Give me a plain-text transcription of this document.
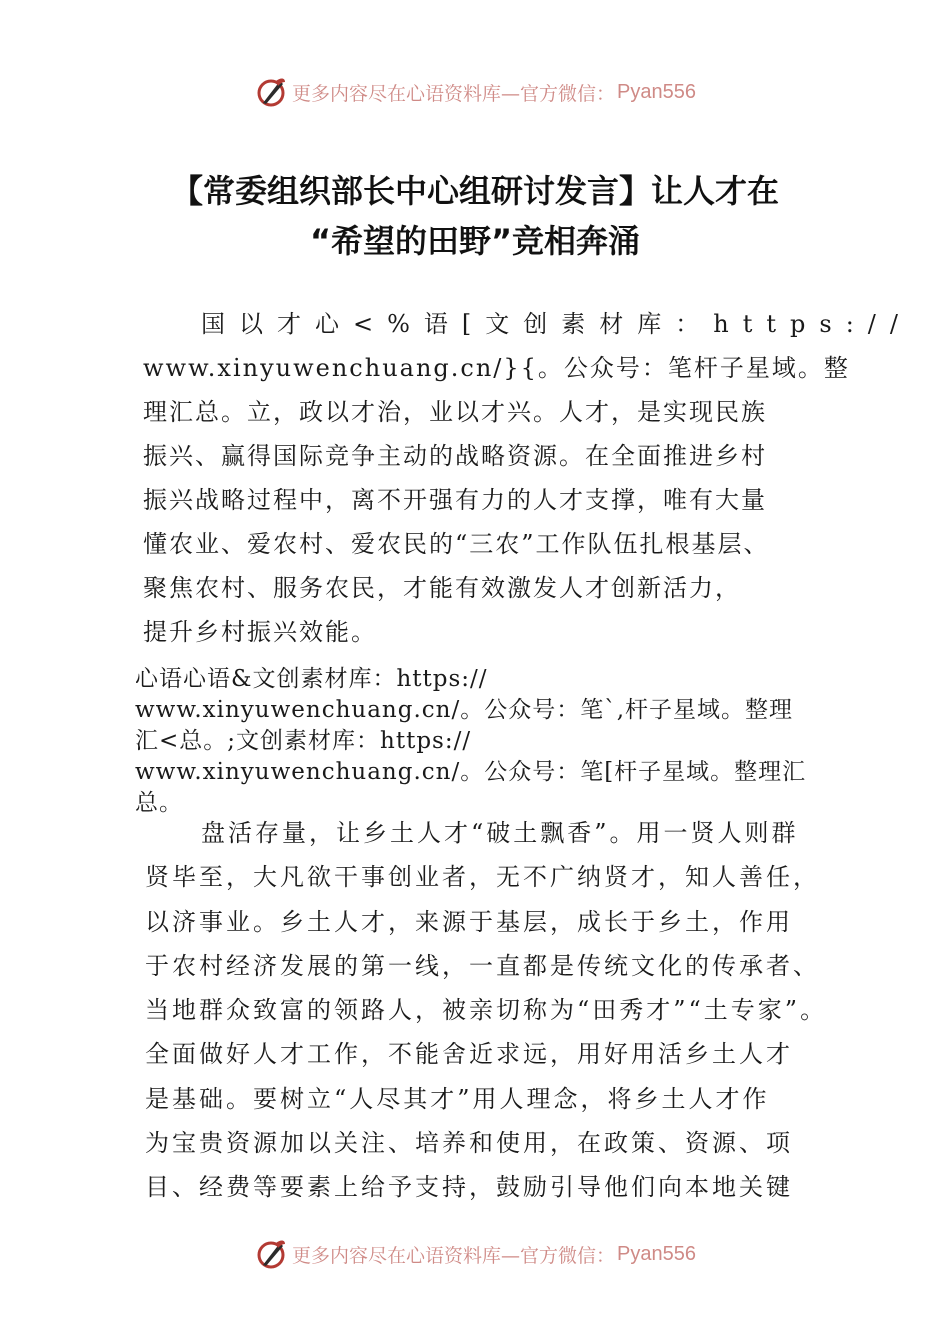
更多内容尽在心语资料库—官方微信： Pyan556
【常委组织部长中心组研讨发言】让人才在
“希望的田野”竞相奔涌
国以才心<%语[文创素材库：https://
www.xinyuwenchuang.cn/}{。公众号：笔杆子星域。整
理汇总。立，政以才治，业以才兴。人才，是实现民族
振兴、赢得国际竞争主动的战略资源。在全面推进乡村
振兴战略过程中，离不开强有力的人才支撑，唯有大量
懂农业、爱农村、爱农民的“三农”工作队伍扎根基层、
聚焦农村、服务农民，才能有效激发人才创新活力，
提升乡村振兴效能。
心语心语&文创素材库：https://
www.xinyuwenchuang.cn/。公众号：笔`,杆子星域。整理
汇<总。;文创素材库：https://
www.xinyuwenchuang.cn/。公众号：笔[杆子星域。整理汇
总。
盘活存量，让乡土人才“破土飘香”。用一贤人则群
贤毕至，大凡欲干事创业者，无不广纳贤才，知人善任，
以济事业。乡土人才，来源于基层，成长于乡土，作用
于农村经济发展的第一线，一直都是传统文化的传承者、
当地群众致富的领路人，被亲切称为“田秀才”“土专家”。
全面做好人才工作，不能舍近求远，用好用活乡土人才
是基础。要树立“人尽其才”用人理念，将乡土人才作
为宝贵资源加以关注、培养和使用，在政策、资源、项
目、经费等要素上给予支持，鼓励引导他们向本地关键
更多内容尽在心语资料库—官方微信： Pyan556
